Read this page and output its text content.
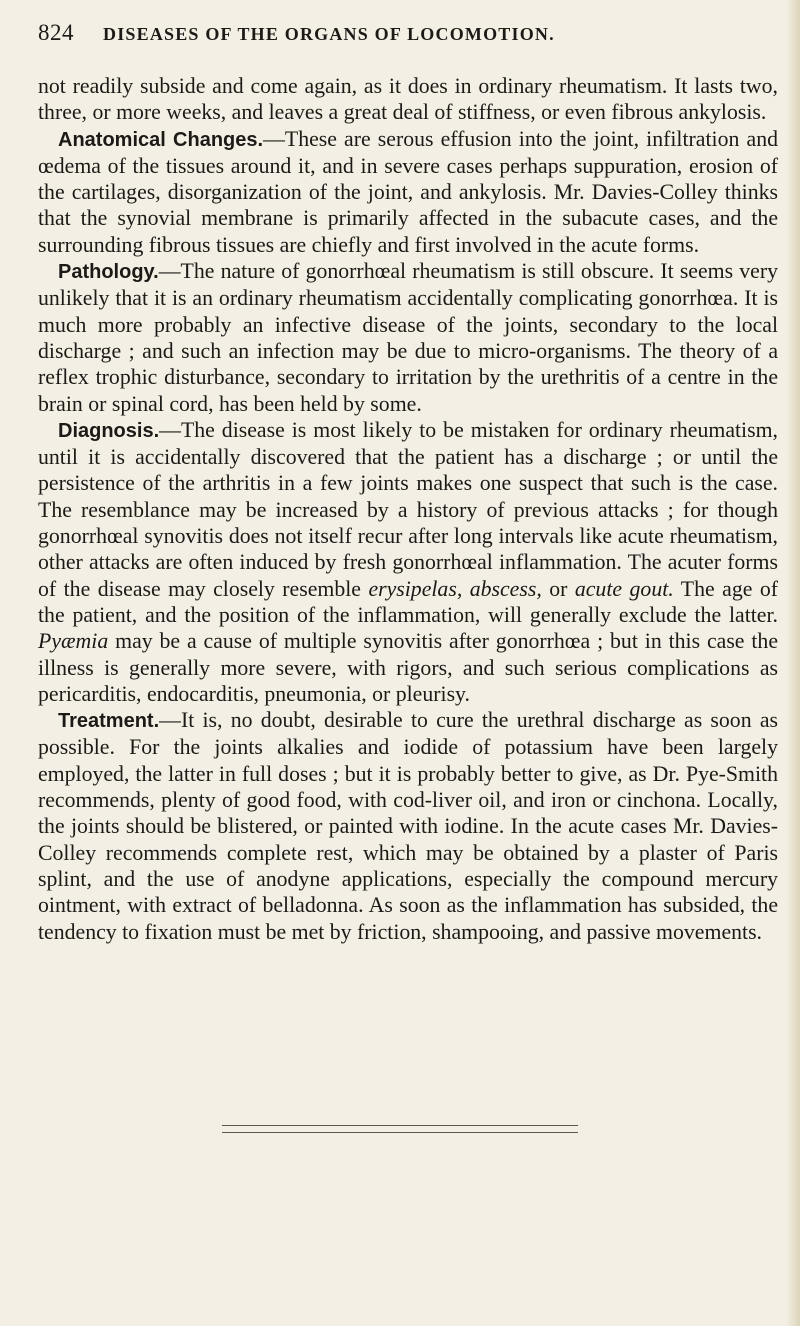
824 DISEASES OF THE ORGANS OF LOCOMOTION.

not readily subside and come again, as it does in ordinary rheumatism. It lasts two, three, or more weeks, and leaves a great deal of stiffness, or even fibrous ankylosis.

Anatomical Changes.—These are serous effusion into the joint, infiltration and œdema of the tissues around it, and in severe cases perhaps suppuration, erosion of the cartilages, disorganization of the joint, and ankylosis. Mr. Davies-Colley thinks that the synovial membrane is primarily affected in the subacute cases, and the surrounding fibrous tissues are chiefly and first involved in the acute forms.

Pathology.—The nature of gonorrhœal rheumatism is still obscure. It seems very unlikely that it is an ordinary rheumatism accidentally complicating gonorrhœa. It is much more probably an infective disease of the joints, secondary to the local discharge ; and such an infection may be due to micro-organisms. The theory of a reflex trophic disturbance, secondary to irritation by the urethritis of a centre in the brain or spinal cord, has been held by some.

Diagnosis.—The disease is most likely to be mistaken for ordinary rheumatism, until it is accidentally discovered that the patient has a discharge ; or until the persistence of the arthritis in a few joints makes one suspect that such is the case. The resemblance may be increased by a history of previous attacks ; for though gonorrhœal synovitis does not itself recur after long intervals like acute rheumatism, other attacks are often induced by fresh gonorrhœal inflammation. The acuter forms of the disease may closely resemble erysipelas, abscess, or acute gout. The age of the patient, and the position of the inflammation, will generally exclude the latter. Pyæmia may be a cause of multiple synovitis after gonorrhœa ; but in this case the illness is generally more severe, with rigors, and such serious complications as pericarditis, endocarditis, pneumonia, or pleurisy.

Treatment.—It is, no doubt, desirable to cure the urethral discharge as soon as possible. For the joints alkalies and iodide of potassium have been largely employed, the latter in full doses ; but it is probably better to give, as Dr. Pye-Smith recommends, plenty of good food, with cod-liver oil, and iron or cinchona. Locally, the joints should be blistered, or painted with iodine. In the acute cases Mr. Davies-Colley recommends complete rest, which may be obtained by a plaster of Paris splint, and the use of anodyne applications, especially the compound mercury ointment, with extract of belladonna. As soon as the inflammation has subsided, the tendency to fixation must be met by friction, shampooing, and passive movements.
